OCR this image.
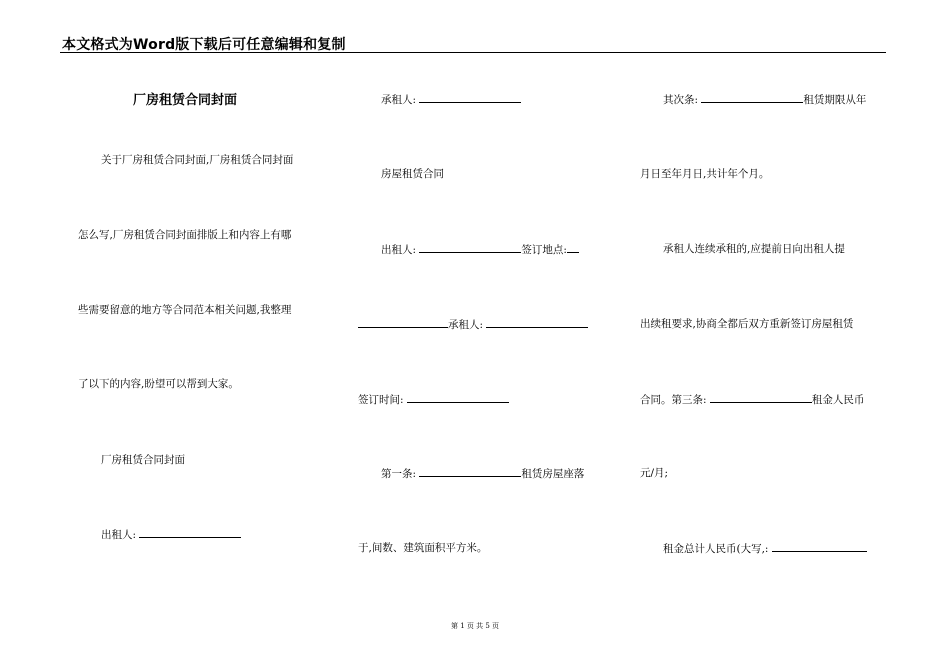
本文格式为Word版下载后可任意编辑和复制
厂房租赁合同封面
关于厂房租赁合同封面,厂房租赁合同封面
怎么写,厂房租赁合同封面排版上和内容上有哪
些需要留意的地方等合同范本相关问题,我整理
了以下的内容,盼望可以帮到大家。
厂房租赁合同封面
出租人:
承租人:
房屋租赁合同
出租人:	签订地点:
承租人:
签订时间:
第一条:	租赁房屋座落
于,间数、建筑面积平方米。
其次条:	租赁期限从年
月日至年月日,共计年个月。
承租人连续承租的,应提前日向出租人提
出续租要求,协商全都后双方重新签订房屋租赁
合同。第三条:	租金人民币
元/月;
租金总计人民币(大写,:
第 1 页 共 5 页
